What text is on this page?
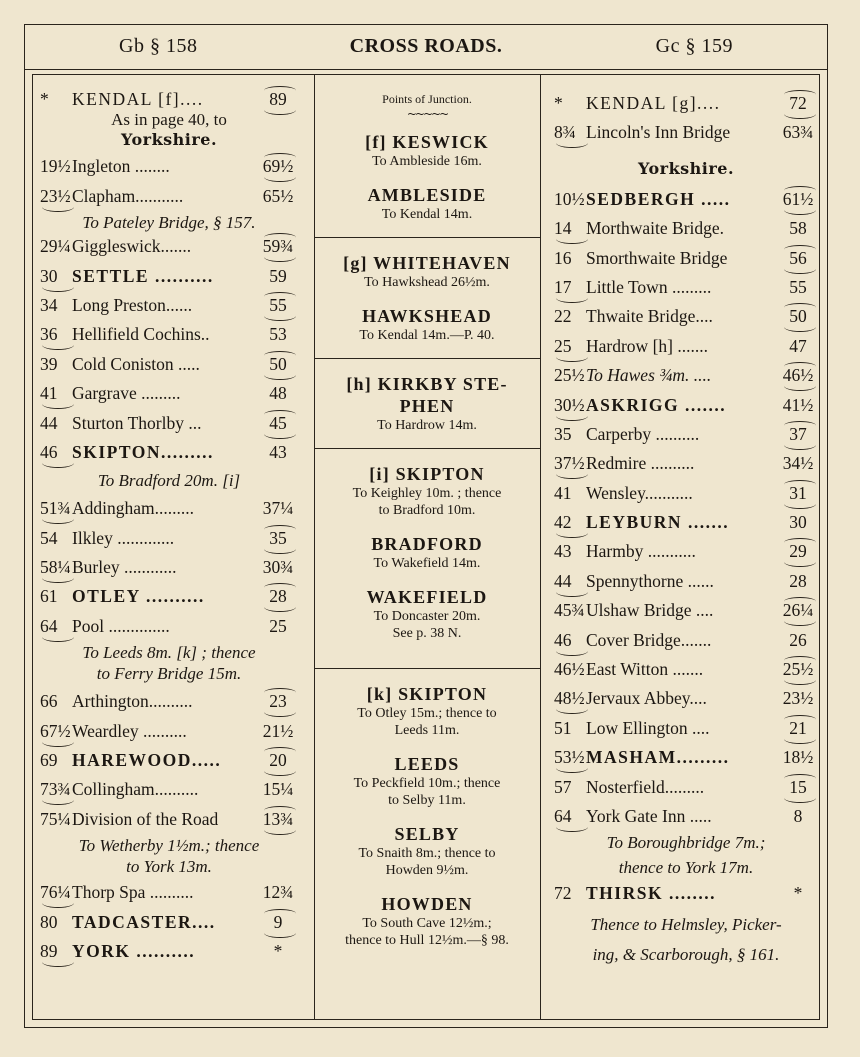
Gb § 158	CROSS ROADS.	Gc § 159
*	KENDAL [f]....	89
As in page 40, to
Yorkshire.
19½ Ingleton ........	69½
23½ Clapham...........	65½
To Pateley Bridge, § 157.
29¼ Giggleswick.......	59¾
30 SETTLE ..........	59
34 Long Preston......	55
36 Hellifield Cochins..	53
39 Cold Coniston .....	50
41 Gargrave .........	48
44 Sturton Thorlby ...	45
46 SKIPTON.........	43
To Bradford 20m. [i]
51¾ Addingham.........	37¼
54 Ilkley .............	35
58¼ Burley ............	30¾
61 OTLEY ..........	28
64 Pool ..............	25
To Leeds 8m. [k] ; thence
to Ferry Bridge 15m.
66 Arthington..........	23
67½ Weardley ..........	21½
69 HAREWOOD.....	20
73¾ Collingham..........	15¼
75¼ Division of the Road	13¾
To Wetherby 1½m.; thence
to York 13m.
76¼ Thorp Spa ..........	12¾
80 TADCASTER....	9
89 YORK ..........	*
Points of Junction.
~~~~~
[f] KESWICK
To Ambleside 16m.
AMBLESIDE
To Kendal 14m.
[g] WHITEHAVEN
To Hawkshead 26½m.
HAWKSHEAD
To Kendal 14m.—P. 40.
[h] KIRKBY STE-
PHEN
To Hardrow 14m.
[i] SKIPTON
To Keighley 10m. ; thence
to Bradford 10m.
BRADFORD
To Wakefield 14m.
WAKEFIELD
To Doncaster 20m.
See p. 38 N.
[k] SKIPTON
To Otley 15m.; thence to
Leeds 11m.
LEEDS
To Peckfield 10m.; thence
to Selby 11m.
SELBY
To Snaith 8m.; thence to
Howden 9½m.
HOWDEN
To South Cave 12½m.;
thence to Hull 12½m.—§ 98.
*	KENDAL [g]....	72
8¾ Lincoln's Inn Bridge	63¾
Yorkshire.
10½ SEDBERGH .....	61½
14 Morthwaite Bridge.	58
16 Smorthwaite Bridge	56
17 Little Town .........	55
22 Thwaite Bridge....	50
25 Hardrow [h] .......	47
25½ To Hawes ¾m. ....	46½
30½ ASKRIGG .......	41½
35 Carperby ..........	37
37½ Redmire ..........	34½
41 Wensley...........	31
42 LEYBURN .......	30
43 Harmby ...........	29
44 Spennythorne ......	28
45¾ Ulshaw Bridge ....	26¼
46 Cover Bridge.......	26
46½ East Witton .......	25½
48½ Jervaux Abbey....	23½
51 Low Ellington ....	21
53½ MASHAM.........	18½
57 Nosterfield.........	15
64 York Gate Inn .....	8
To Boroughbridge 7m.;
thence to York 17m.
72 THIRSK ........	*
Thence to Helmsley, Picker-
ing, & Scarborough, § 161.
